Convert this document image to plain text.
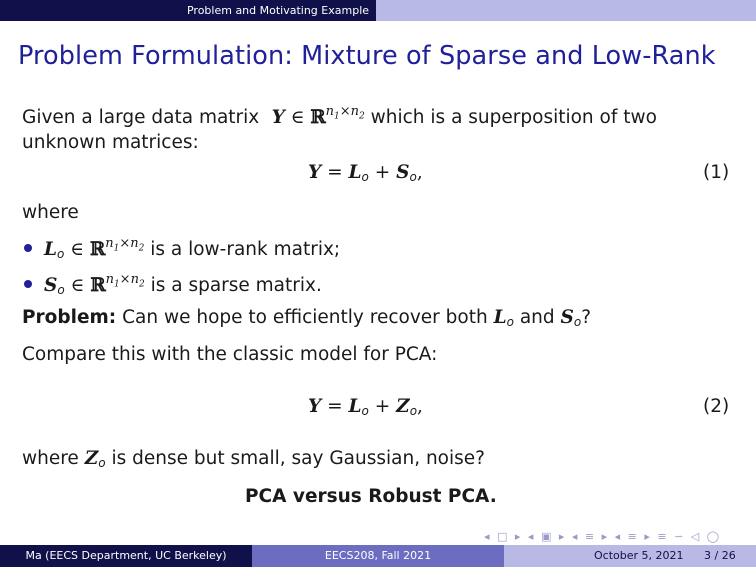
Problem and Motivating Example
Problem Formulation: Mixture of Sparse and Low-Rank
Given a large data matrix  Y ∈ ℝ$^{n_1\times n_2}$ which is a superposition of two
unknown matrices:
$Y = L_o + S_o$,	(1)
where
$L_o$ ∈ ℝ$^{n_1\times n_2}$ is a low-rank matrix;
$S_o$ ∈ ℝ$^{n_1\times n_2}$ is a sparse matrix.
Problem: Can we hope to efficiently recover both $L_o$ and $S_o$?
Compare this with the classic model for PCA:
$Y = L_o + Z_o$,	(2)
where $Z_o$ is dense but small, say Gaussian, noise?
PCA versus Robust PCA.
◂ □ ▸ ◂ ▣ ▸ ◂ ≡ ▸ ◂ ≡ ▸ ≡ ∽ ◁ ◯
Ma (EECS Department, UC Berkeley)	EECS208, Fall 2021	October 5, 2021 3 / 26
